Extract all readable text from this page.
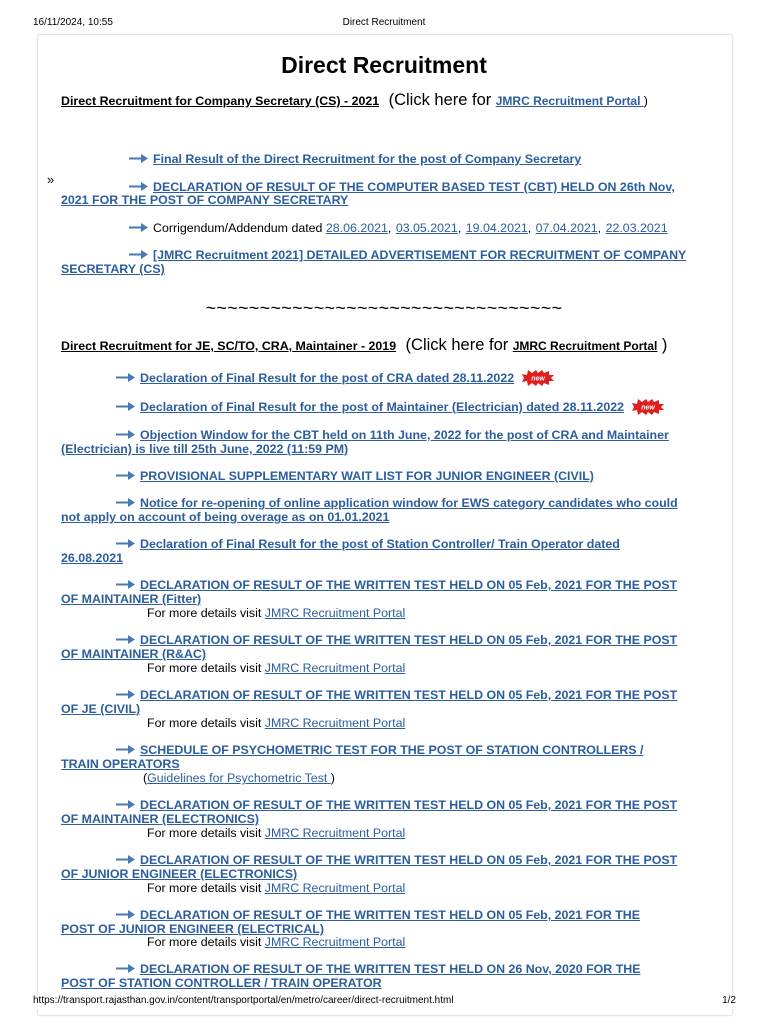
16/11/2024, 10:55	Direct Recruitment
Direct Recruitment
Direct Recruitment for Company Secretary (CS) - 2021 (Click here for JMRC Recruitment Portal )
Final Result of the Direct Recruitment for the post of Company Secretary
»	DECLARATION OF RESULT OF THE COMPUTER BASED TEST (CBT) HELD ON 26th Nov,
2021 FOR THE POST OF COMPANY SECRETARY
Corrigendum/Addendum dated 28.06.2021, 03.05.2021, 19.04.2021, 07.04.2021, 22.03.2021
[JMRC Recruitment 2021] DETAILED ADVERTISEMENT FOR RECRUITMENT OF COMPANY
SECRETARY (CS)
~~~~~~~~~~~~~~~~~~~~~~~~~~~~~~~~~
Direct Recruitment for JE, SC/TO, CRA, Maintainer - 2019 (Click here for JMRC Recruitment Portal )
Declaration of Final Result for the post of CRA dated 28.11.2022 new
Declaration of Final Result for the post of Maintainer (Electrician) dated 28.11.2022 new
Objection Window for the CBT held on 11th June, 2022 for the post of CRA and Maintainer
(Electrician) is live till 25th June, 2022 (11:59 PM)
PROVISIONAL SUPPLEMENTARY WAIT LIST FOR JUNIOR ENGINEER (CIVIL)
Notice for re-opening of online application window for EWS category candidates who could
not apply on account of being overage as on 01.01.2021
Declaration of Final Result for the post of Station Controller/ Train Operator dated
26.08.2021
DECLARATION OF RESULT OF THE WRITTEN TEST HELD ON 05 Feb, 2021 FOR THE POST
OF MAINTAINER (Fitter)
For more details visit JMRC Recruitment Portal
DECLARATION OF RESULT OF THE WRITTEN TEST HELD ON 05 Feb, 2021 FOR THE POST
OF MAINTAINER (R&AC)
For more details visit JMRC Recruitment Portal
DECLARATION OF RESULT OF THE WRITTEN TEST HELD ON 05 Feb, 2021 FOR THE POST
OF JE (CIVIL)
For more details visit JMRC Recruitment Portal
SCHEDULE OF PSYCHOMETRIC TEST FOR THE POST OF STATION CONTROLLERS /
TRAIN OPERATORS
(Guidelines for Psychometric Test )
DECLARATION OF RESULT OF THE WRITTEN TEST HELD ON 05 Feb, 2021 FOR THE POST
OF MAINTAINER (ELECTRONICS)
For more details visit JMRC Recruitment Portal
DECLARATION OF RESULT OF THE WRITTEN TEST HELD ON 05 Feb, 2021 FOR THE POST
OF JUNIOR ENGINEER (ELECTRONICS)
For more details visit JMRC Recruitment Portal
DECLARATION OF RESULT OF THE WRITTEN TEST HELD ON 05 Feb, 2021 FOR THE
POST OF JUNIOR ENGINEER (ELECTRICAL)
For more details visit JMRC Recruitment Portal
DECLARATION OF RESULT OF THE WRITTEN TEST HELD ON 26 Nov, 2020 FOR THE
POST OF STATION CONTROLLER / TRAIN OPERATOR
https://transport.rajasthan.gov.in/content/transportportal/en/metro/career/direct-recruitment.html	1/2
